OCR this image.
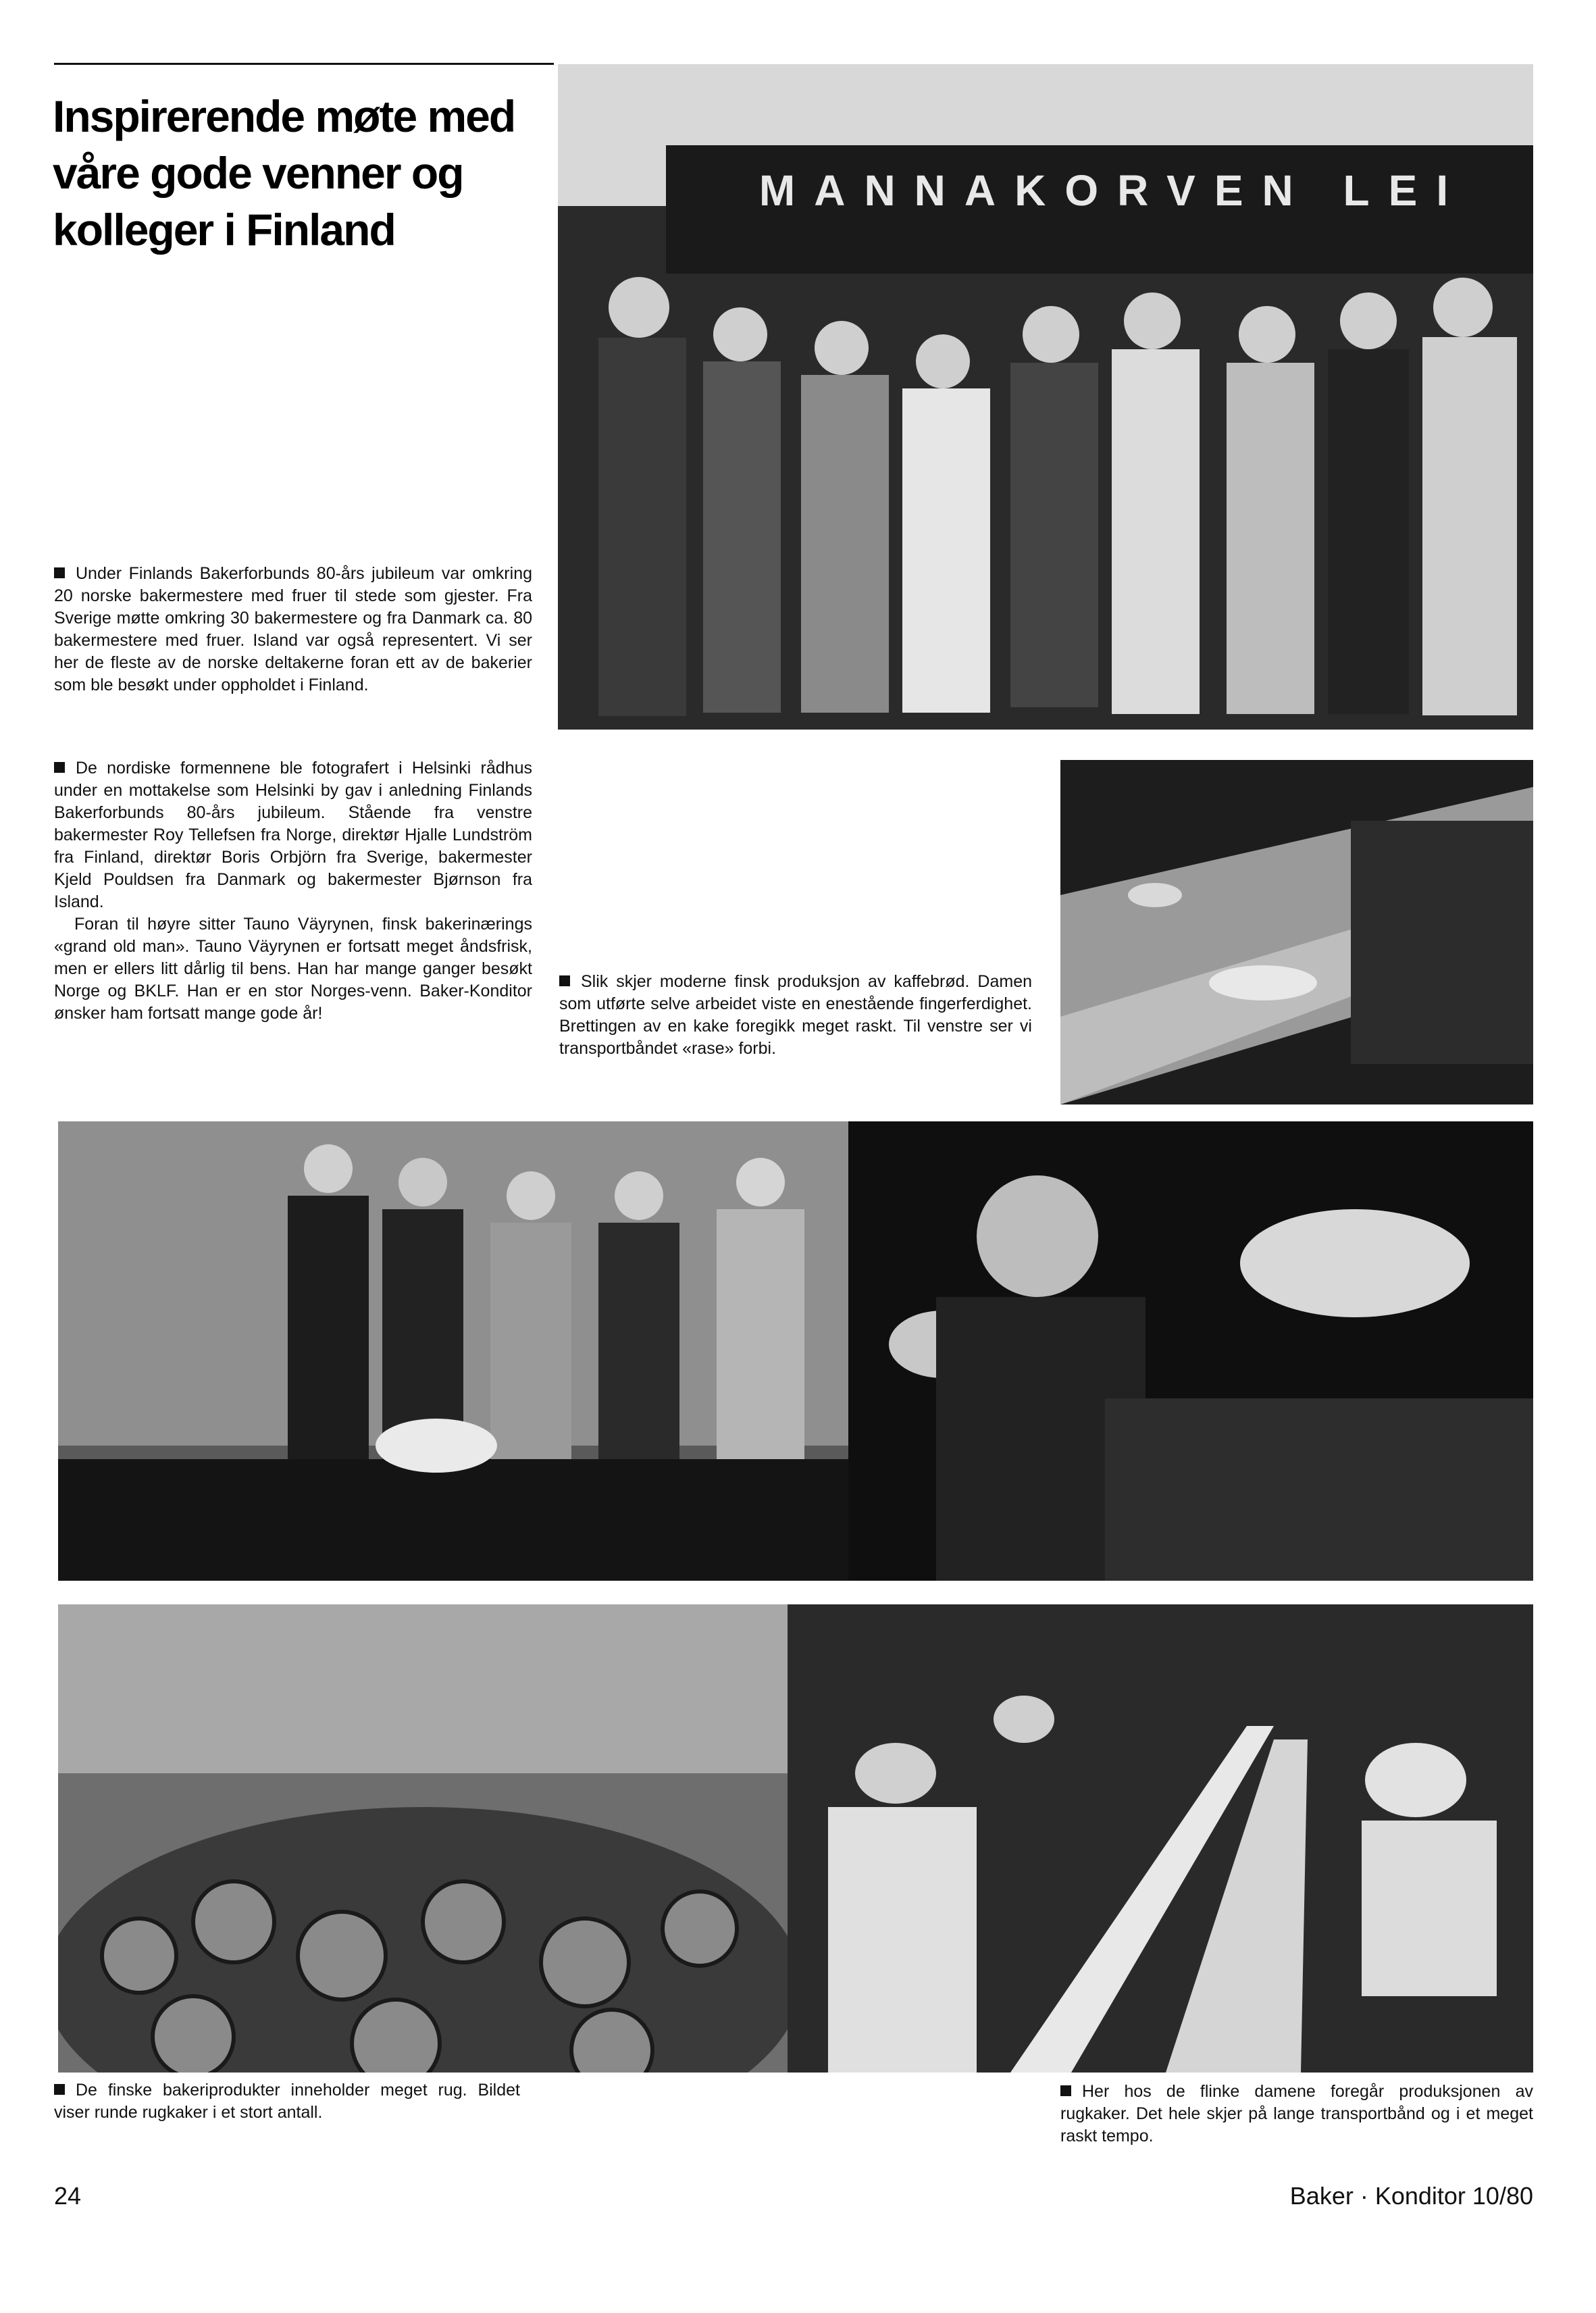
Inspirerende møte med våre gode venner og kolleger i Finland
MANNAKORVEN LEI

Under Finlands Bakerforbunds 80-års jubileum var omkring 20 norske bakermestere med fruer til stede som gjester. Fra Sverige møtte omkring 30 bakermestere og fra Danmark ca. 80 bakermestere med fruer. Island var også representert. Vi ser her de fleste av de norske deltakerne foran ett av de bakerier som ble besøkt under oppholdet i Finland.

De nordiske formennene ble fotografert i Helsinki rådhus under en mottakelse som Helsinki by gav i anledning Finlands Bakerforbunds 80-års jubileum. Stående fra venstre bakermester Roy Tellefsen fra Norge, direktør Hjalle Lundström fra Finland, direktør Boris Orbjörn fra Sverige, bakermester Kjeld Pouldsen fra Danmark og bakermester Bjørnson fra Island.

Foran til høyre sitter Tauno Väyrynen, finsk bakerinærings «grand old man». Tauno Väyrynen er fortsatt meget åndsfrisk, men er ellers litt dårlig til bens. Han har mange ganger besøkt Norge og BKLF. Han er en stor Norges-venn. Baker-Konditor ønsker ham fortsatt mange gode år!

Slik skjer moderne finsk produksjon av kaffebrød. Damen som utførte selve arbeidet viste en enestående fingerferdighet. Brettingen av en kake foregikk meget raskt. Til venstre ser vi transportbåndet «rase» forbi.

De finske bakeriprodukter inneholder meget rug. Bildet viser runde rugkaker i et stort antall.

Her hos de flinke damene foregår produksjonen av rugkaker. Det hele skjer på lange transportbånd og i et meget raskt tempo.

24	Baker · Konditor 10/80
